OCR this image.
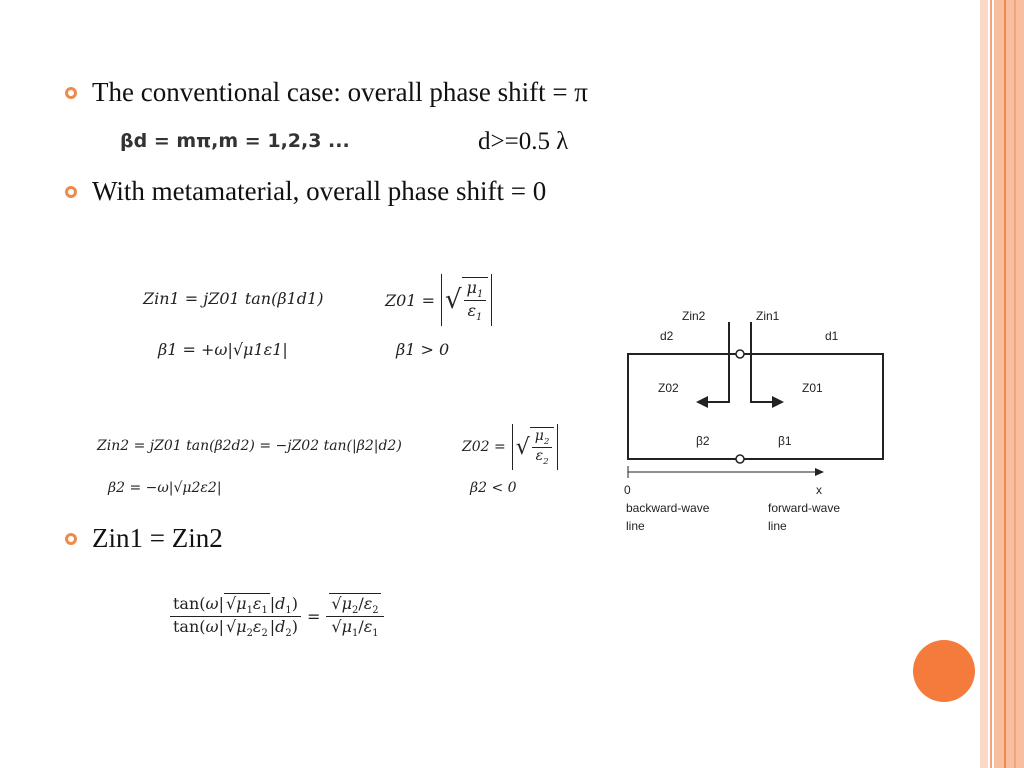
The conventional case: overall phase shift = π
βd = mπ,m = 1,2,3 ...	d>=0.5 λ
With metamaterial, overall phase shift = 0
Zin1 = jZ01 tan(β1d1)	Z01 = √ $\frac{\mu_1}{\varepsilon_1}$
β1 = +ω|√μ1ε1|	β1 > 0
Zin2 = jZ01 tan(β2d2) = −jZ02 tan(|β2|d2)	Z02 = √ $\frac{\mu_2}{\varepsilon_2}$
β2 = −ω|√μ2ε2|	β2 < 0
Zin1 = Zin2
$\frac{\tan(\omega| √\mu_1\varepsilon_1 |d_1)}{\tan(\omega| √\mu_2\varepsilon_2 |d_2)} = \frac{√\mu_2/\varepsilon_2}{√\mu_1/\varepsilon_1}$
Zin2	Zin1
d2	d1
Z02	Z01
β2	β1
0	x
backward-wave
line
forward-wave
line
